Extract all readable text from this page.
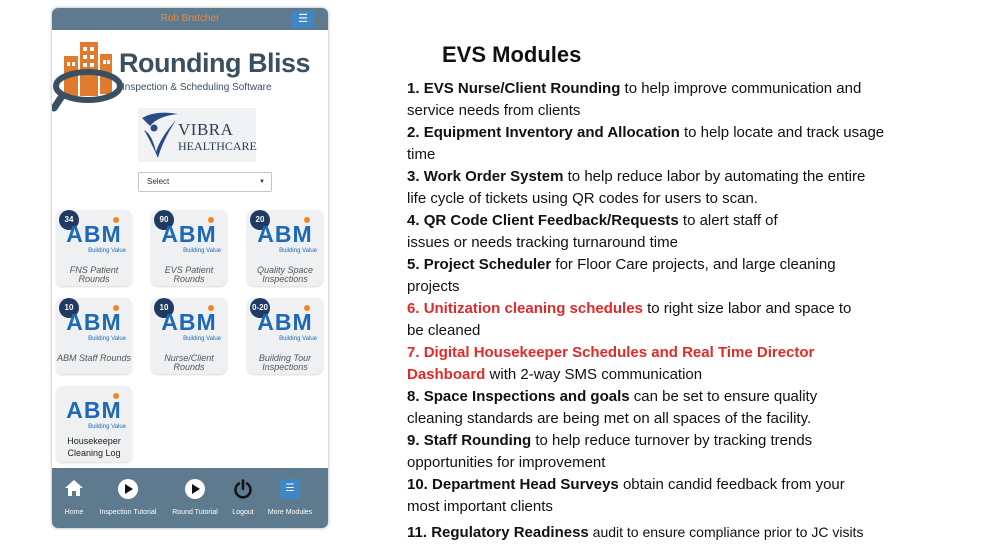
Rob Bratcher	☰
Rounding Bliss
Inspection & Scheduling Software
VIBRA
HEALTHCARE
Select	▼
34
ABM
Building Value
FNS Patient Rounds
90
ABM
Building Value
EVS Patient Rounds
20
ABM
Building Value
Quality Space Inspections
10
ABM
Building Value
ABM Staff Rounds
10
ABM
Building Value
Nurse/Client Rounds
0-20
ABM
Building Value
Building Tour Inspections
ABM
Building Value
Housekeeper Cleaning Log
Home	Inspection Tutorial	Round Tutorial	Logout
☰
More Modules
EVS Modules
1. EVS Nurse/Client Rounding to help improve communication and service needs from clients
2. Equipment Inventory and Allocation to help locate and track usage time
3. Work Order System to help reduce labor by automating the entire life cycle of tickets using QR codes for users to scan.
4. QR Code Client Feedback/Requests to alert staff of issues or needs tracking turnaround time
5. Project Scheduler for Floor Care projects, and large cleaning projects
6. Unitization cleaning schedules to right size labor and space to be cleaned
7. Digital Housekeeper Schedules and Real Time Director Dashboard with 2-way SMS communication
8. Space Inspections and goals can be set to ensure quality cleaning standards are being met on all spaces of the facility.
9. Staff Rounding to help reduce turnover by tracking trends opportunities for improvement
10. Department Head Surveys obtain candid feedback from your most important clients
11. Regulatory Readiness audit to ensure compliance prior to JC visits
